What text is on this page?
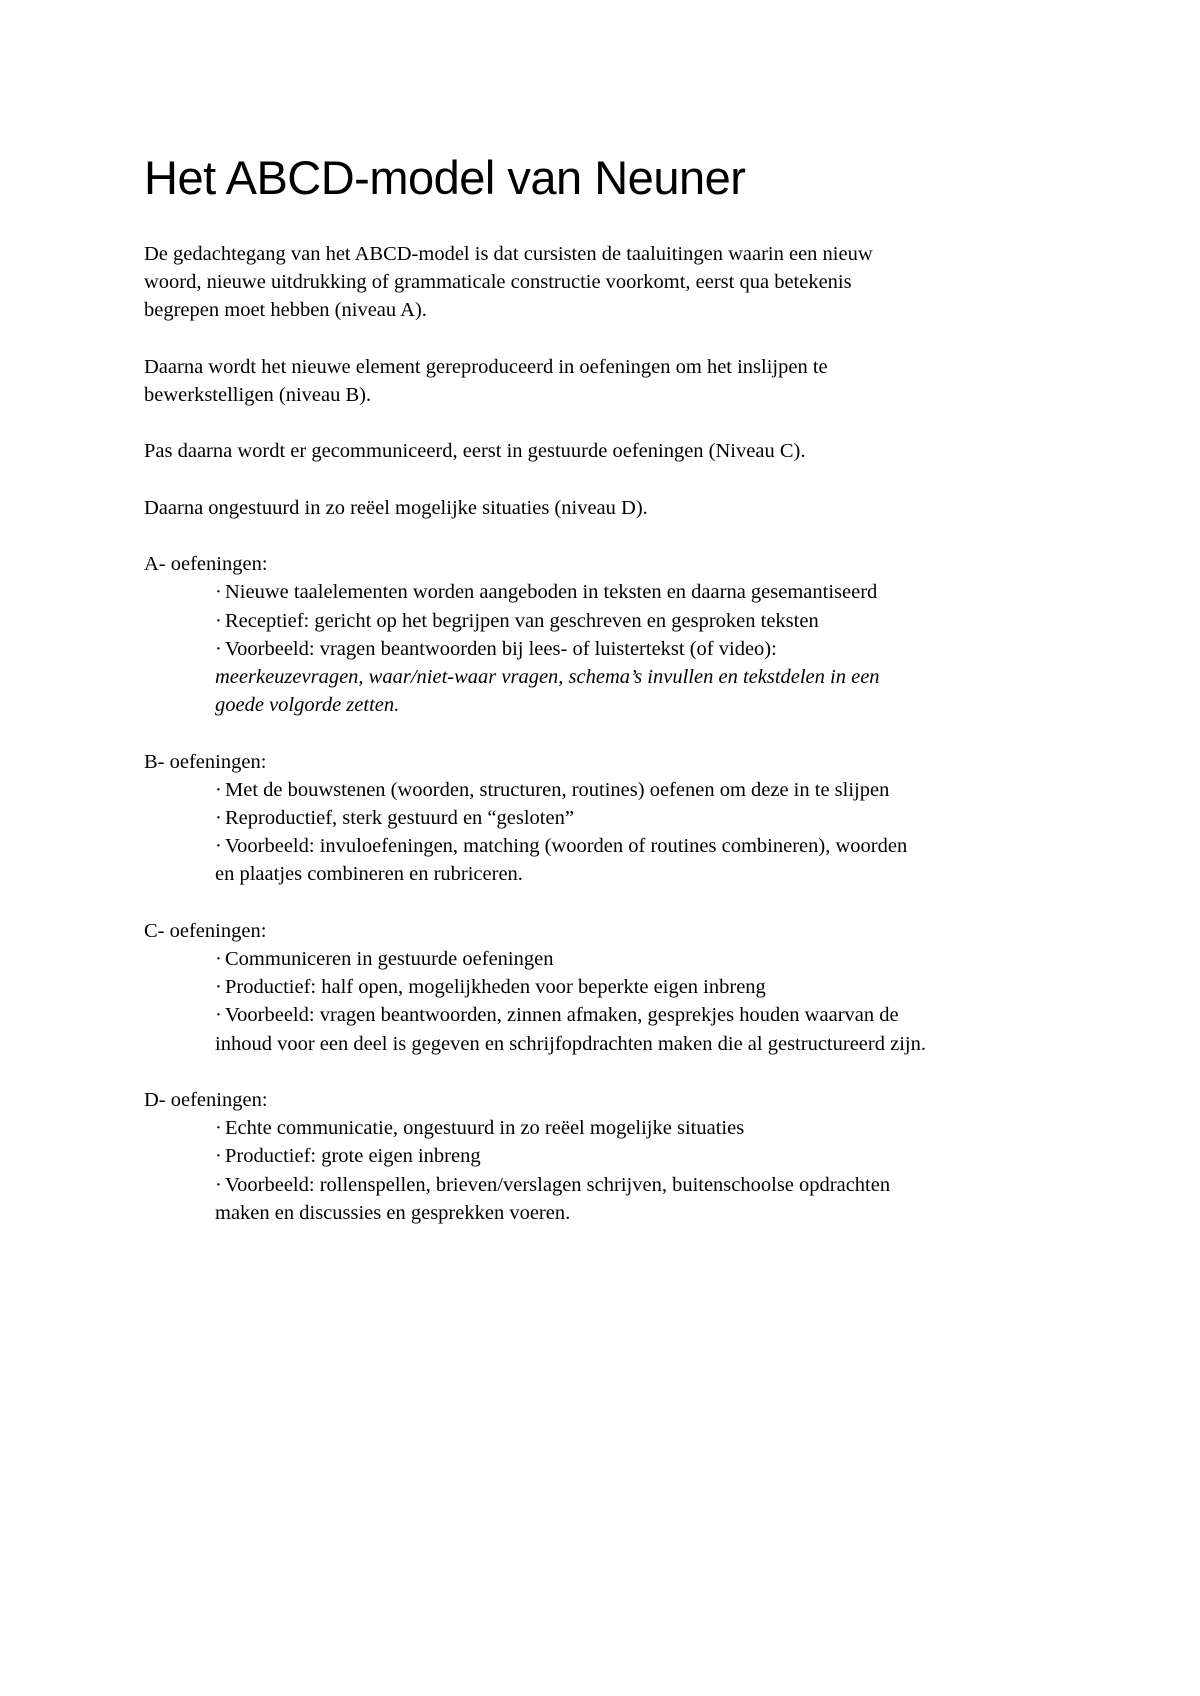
Het ABCD-model van Neuner

De gedachtegang van het ABCD-model is dat cursisten de taaluitingen waarin een nieuw
woord, nieuwe uitdrukking of grammaticale constructie voorkomt, eerst qua betekenis
begrepen moet hebben (niveau A).

Daarna wordt het nieuwe element gereproduceerd in oefeningen om het inslijpen te
bewerkstelligen (niveau B).

Pas daarna wordt er gecommuniceerd, eerst in gestuurde oefeningen (Niveau C).

Daarna ongestuurd in zo reëel mogelijke situaties (niveau D).

A- oefeningen:
· Nieuwe taalelementen worden aangeboden in teksten en daarna gesemantiseerd
· Receptief: gericht op het begrijpen van geschreven en gesproken teksten
· Voorbeeld: vragen beantwoorden bij lees- of luistertekst (of video):
meerkeuzevragen, waar/niet-waar vragen, schema’s invullen en tekstdelen in een
goede volgorde zetten.
B- oefeningen:
· Met de bouwstenen (woorden, structuren, routines) oefenen om deze in te slijpen
· Reproductief, sterk gestuurd en “gesloten”
· Voorbeeld: invuloefeningen, matching (woorden of routines combineren), woorden
en plaatjes combineren en rubriceren.
C- oefeningen:
· Communiceren in gestuurde oefeningen
· Productief: half open, mogelijkheden voor beperkte eigen inbreng
· Voorbeeld: vragen beantwoorden, zinnen afmaken, gesprekjes houden waarvan de
inhoud voor een deel is gegeven en schrijfopdrachten maken die al gestructureerd zijn.
D- oefeningen:
· Echte communicatie, ongestuurd in zo reëel mogelijke situaties
· Productief: grote eigen inbreng
· Voorbeeld: rollenspellen, brieven/verslagen schrijven, buitenschoolse opdrachten
maken en discussies en gesprekken voeren.
